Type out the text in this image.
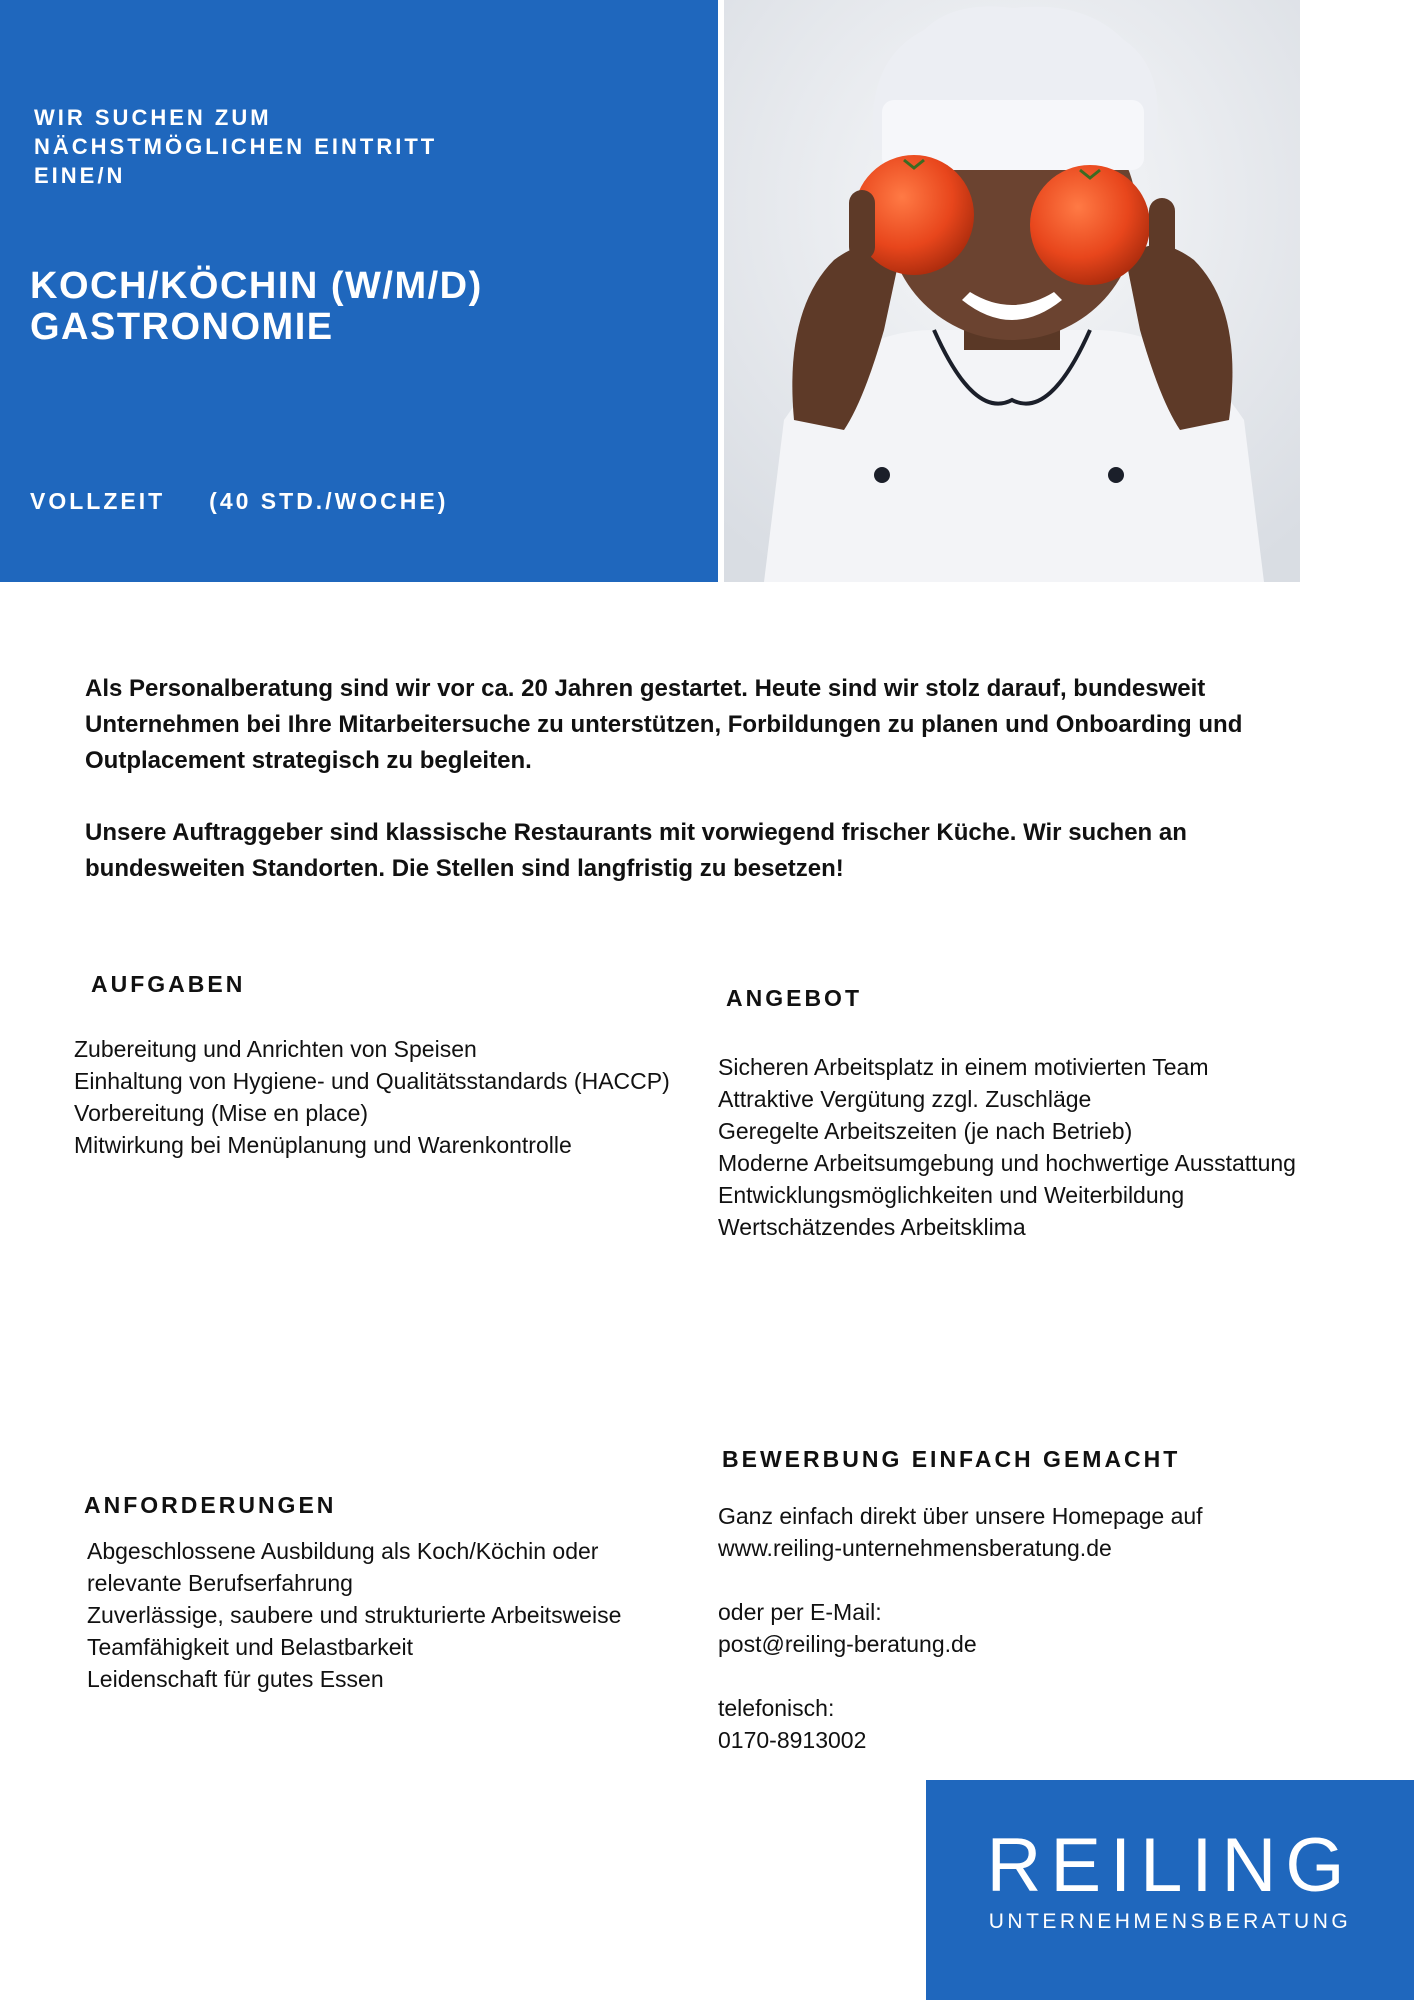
WIR SUCHEN ZUM
NÄCHSTMÖGLICHEN EINTRITT
EINE/N

KOCH/KÖCHIN (W/M/D)
GASTRONOMIE
VOLLZEIT (40 STD./WOCHE)

Als Personalberatung sind wir vor ca. 20 Jahren gestartet. Heute sind wir stolz darauf, bundesweit Unternehmen bei Ihre Mitarbeitersuche zu unterstützen, Forbildungen zu planen und Onboarding und Outplacement strategisch zu begleiten.

Unsere Auftraggeber sind klassische Restaurants mit vorwiegend frischer Küche. Wir suchen an bundesweiten Standorten. Die Stellen sind langfristig zu besetzen!

AUFGABEN
Zubereitung und Anrichten von Speisen
Einhaltung von Hygiene- und Qualitätsstandards (HACCP)
Vorbereitung (Mise en place)
Mitwirkung bei Menüplanung und Warenkontrolle
ANGEBOT
Sicheren Arbeitsplatz in einem motivierten Team
Attraktive Vergütung zzgl. Zuschläge
Geregelte Arbeitszeiten (je nach Betrieb)
Moderne Arbeitsumgebung und hochwertige Ausstattung
Entwicklungsmöglichkeiten und Weiterbildung
Wertschätzendes Arbeitsklima
ANFORDERUNGEN
Abgeschlossene Ausbildung als Koch/Köchin oder
relevante Berufserfahrung
Zuverlässige, saubere und strukturierte Arbeitsweise
Teamfähigkeit und Belastbarkeit
Leidenschaft für gutes Essen
BEWERBUNG EINFACH GEMACHT

Ganz einfach direkt über unsere Homepage auf

www.reiling-unternehmensberatung.de

oder per E-Mail:

post@reiling-beratung.de

telefonisch:

0170-8913002

REILING
UNTERNEHMENSBERATUNG
